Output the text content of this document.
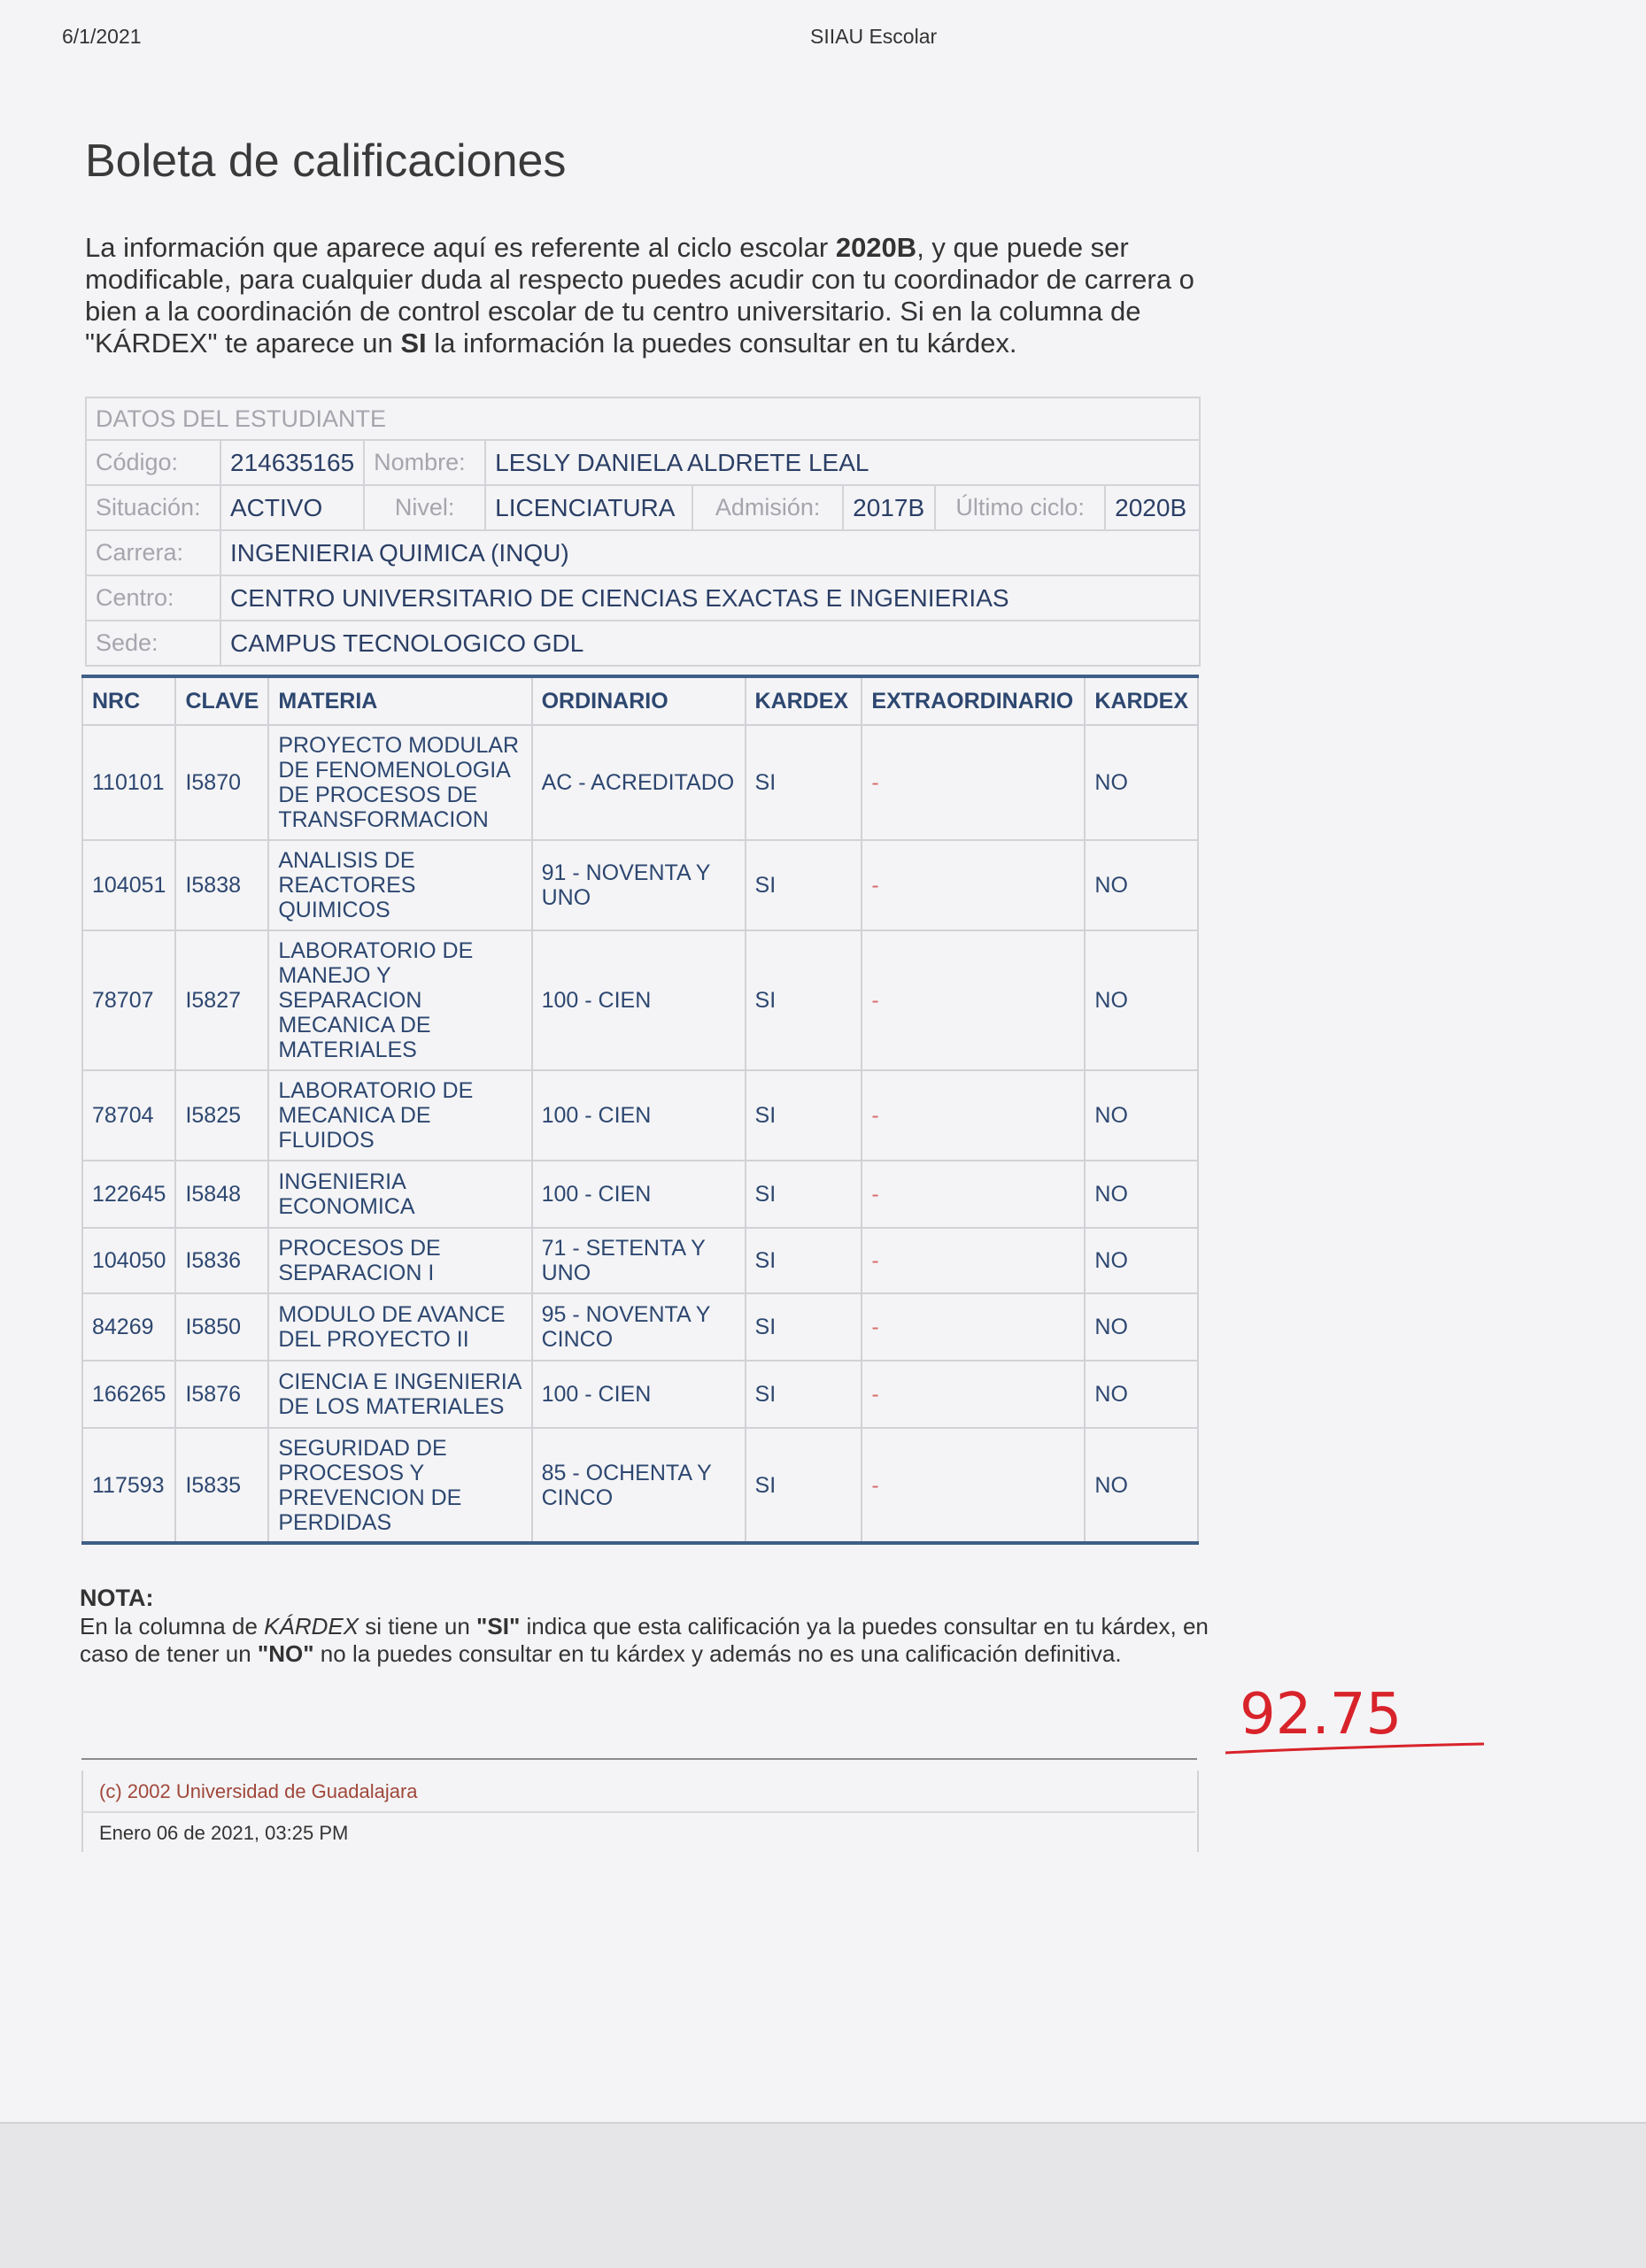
6/1/2021	SIIAU Escolar
Boleta de calificaciones

La información que aparece aquí es referente al ciclo escolar 2020B, y que puede ser modificable, para cualquier duda al respecto puedes acudir con tu coordinador de carrera o bien a la coordinación de control escolar de tu centro universitario. Si en la columna de "KÁRDEX" te aparece un SI la información la puedes consultar en tu kárdex.

DATOS DEL ESTUDIANTE							
Código:	214635165	Nombre:	LESLY DANIELA ALDRETE LEAL				
Situación:	ACTIVO	Nivel:	LICENCIATURA	Admisión:	2017B	Último ciclo:	2020B
Carrera:	INGENIERIA QUIMICA (INQU)						
Centro:	CENTRO UNIVERSITARIO DE CIENCIAS EXACTAS E INGENIERIAS						
Sede:	CAMPUS TECNOLOGICO GDL						
NRC	CLAVE	MATERIA	ORDINARIO	KARDEX	EXTRAORDINARIO	KARDEX
110101	I5870	PROYECTO MODULAR DE FENOMENOLOGIA DE PROCESOS DE TRANSFORMACION	AC - ACREDITADO	SI	-	NO
104051	I5838	ANALISIS DE REACTORES QUIMICOS	91 - NOVENTA Y UNO	SI	-	NO
78707	I5827	LABORATORIO DE MANEJO Y SEPARACION MECANICA DE MATERIALES	100 - CIEN	SI	-	NO
78704	I5825	LABORATORIO DE MECANICA DE FLUIDOS	100 - CIEN	SI	-	NO
122645	I5848	INGENIERIA ECONOMICA	100 - CIEN	SI	-	NO
104050	I5836	PROCESOS DE SEPARACION I	71 - SETENTA Y UNO	SI	-	NO
84269	I5850	MODULO DE AVANCE DEL PROYECTO II	95 - NOVENTA Y CINCO	SI	-	NO
166265	I5876	CIENCIA E INGENIERIA DE LOS MATERIALES	100 - CIEN	SI	-	NO
117593	I5835	SEGURIDAD DE PROCESOS Y PREVENCION DE PERDIDAS	85 - OCHENTA Y CINCO	SI	-	NO
NOTA:
En la columna de KÁRDEX si tiene un "SI" indica que esta calificación ya la puedes consultar en tu kárdex, en caso de tener un "NO" no la puedes consultar en tu kárdex y además no es una calificación definitiva.
92.75
(c) 2002 Universidad de Guadalajara
Enero 06 de 2021, 03:25 PM
